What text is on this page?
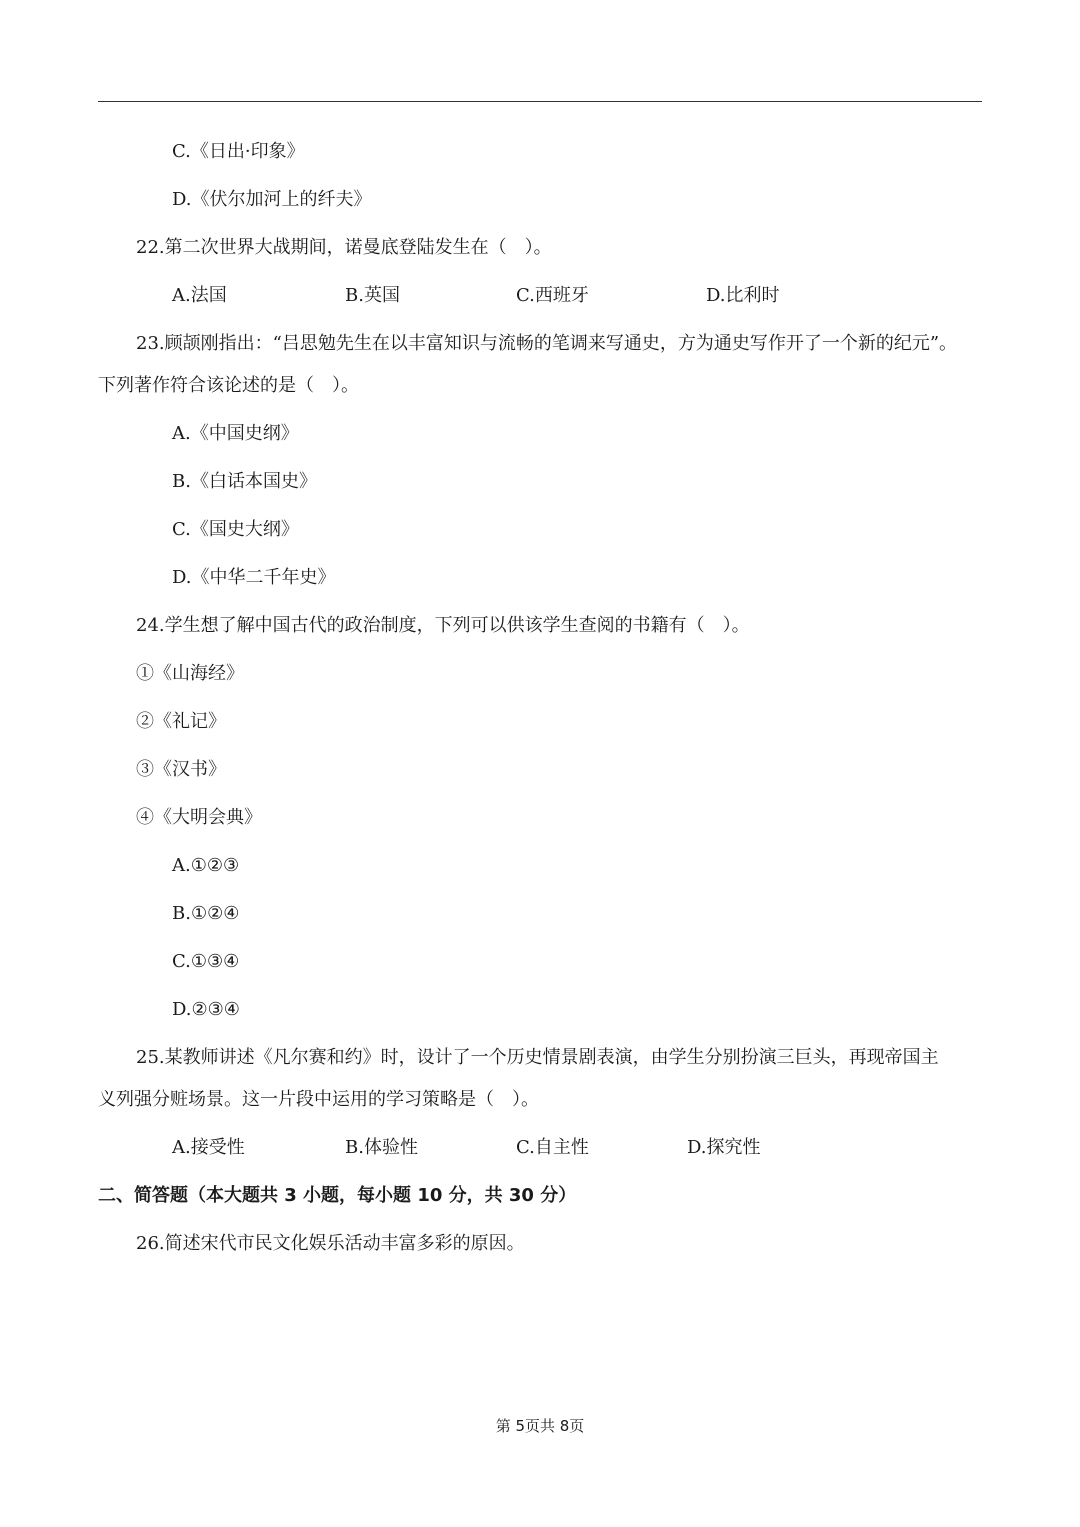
C.《日出·印象》
D.《伏尔加河上的纤夫》
22.第二次世界大战期间，诺曼底登陆发生在（　）。
A.法国	B.英国	C.西班牙	D.比利时
23.顾颉刚指出：“吕思勉先生在以丰富知识与流畅的笔调来写通史，方为通史写作开了一个新的纪元”。
下列著作符合该论述的是（　）。
A.《中国史纲》
B.《白话本国史》
C.《国史大纲》
D.《中华二千年史》
24.学生想了解中国古代的政治制度，下列可以供该学生查阅的书籍有（　）。
①《山海经》
②《礼记》
③《汉书》
④《大明会典》
A.①②③
B.①②④
C.①③④
D.②③④
25.某教师讲述《凡尔赛和约》时，设计了一个历史情景剧表演，由学生分别扮演三巨头，再现帝国主
义列强分赃场景。这一片段中运用的学习策略是（　）。
A.接受性	B.体验性	C.自主性	D.探究性
二、简答题（本大题共 3 小题，每小题 10 分，共 30 分）
26.简述宋代市民文化娱乐活动丰富多彩的原因。
第 5页共 8页
